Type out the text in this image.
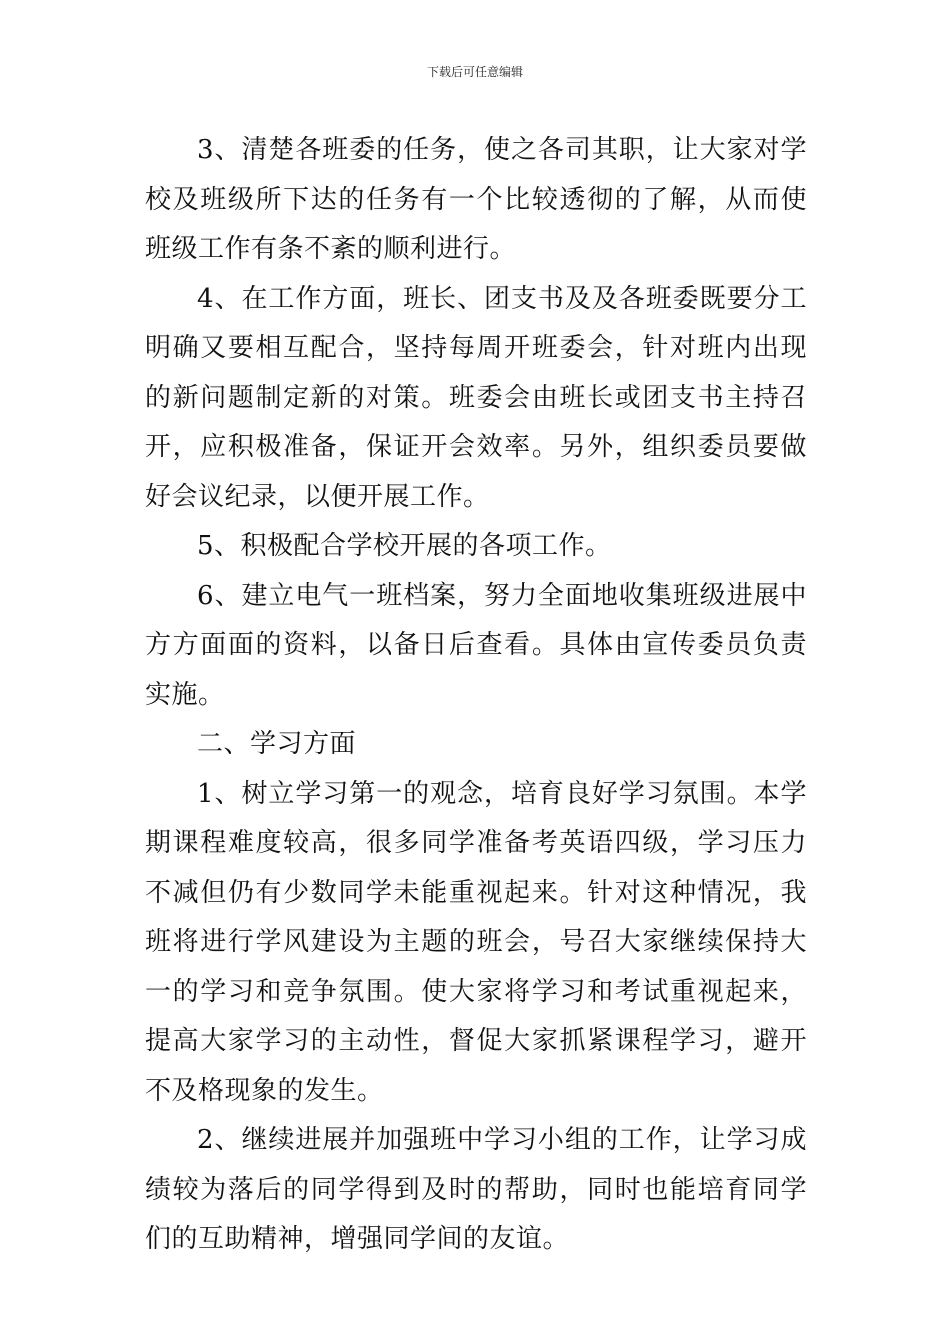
下载后可任意编辑

3、清楚各班委的任务，使之各司其职，让大家对学校及班级所下达的任务有一个比较透彻的了解，从而使班级工作有条不紊的顺利进行。

4、在工作方面，班长、团支书及及各班委既要分工明确又要相互配合，坚持每周开班委会，针对班内出现的新问题制定新的对策。班委会由班长或团支书主持召开，应积极准备，保证开会效率。另外，组织委员要做好会议纪录，以便开展工作。

5、积极配合学校开展的各项工作。

6、建立电气一班档案，努力全面地收集班级进展中方方面面的资料，以备日后查看。具体由宣传委员负责实施。

二、学习方面

1、树立学习第一的观念，培育良好学习氛围。本学期课程难度较高，很多同学准备考英语四级，学习压力不减但仍有少数同学未能重视起来。针对这种情况，我班将进行学风建设为主题的班会，号召大家继续保持大一的学习和竞争氛围。使大家将学习和考试重视起来，提高大家学习的主动性，督促大家抓紧课程学习，避开不及格现象的发生。

2、继续进展并加强班中学习小组的工作，让学习成绩较为落后的同学得到及时的帮助，同时也能培育同学们的互助精神，增强同学间的友谊。
